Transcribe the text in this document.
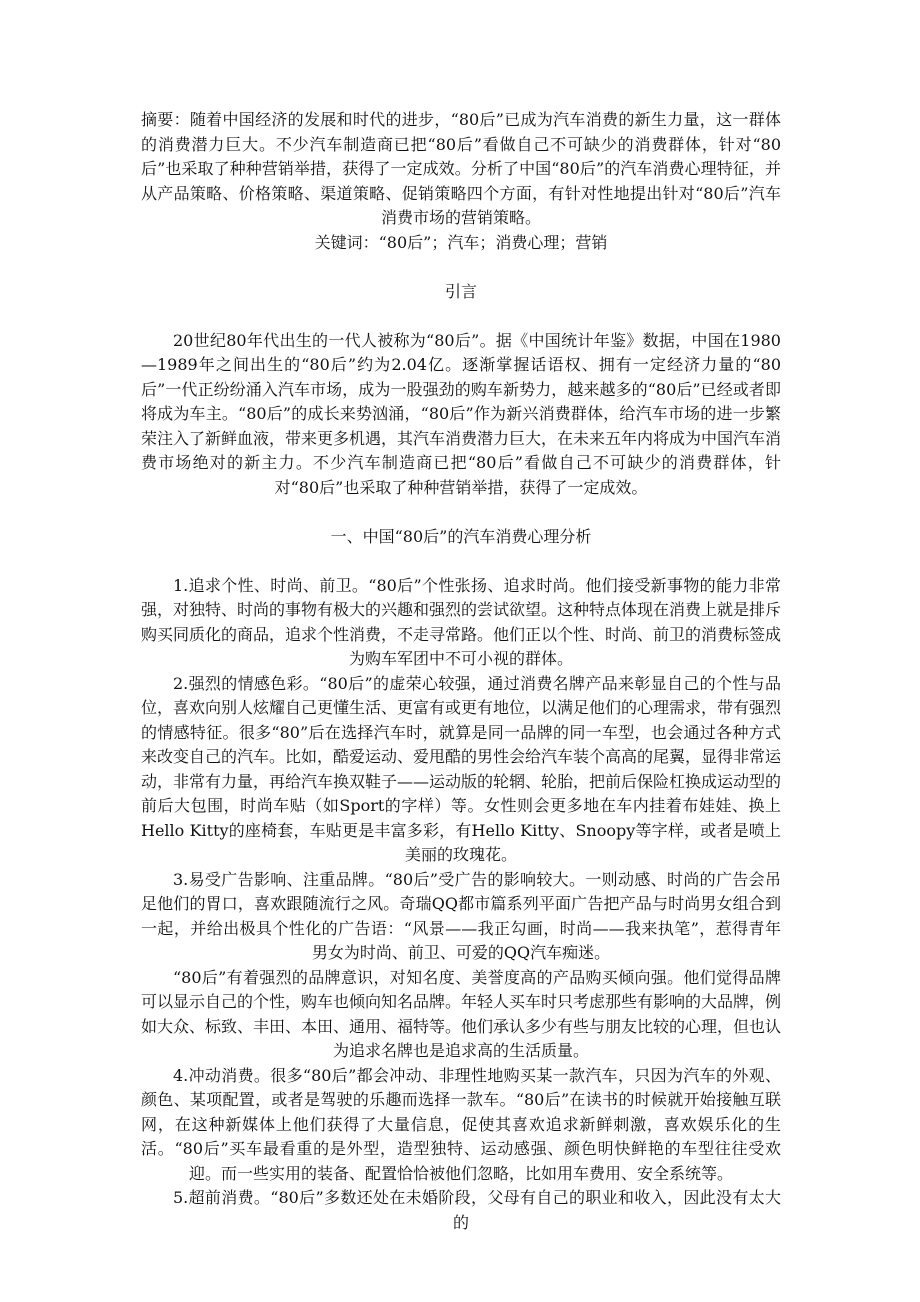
摘要：随着中国经济的发展和时代的进步，“80后”已成为汽车消费的新生力量，这一群体的消费潜力巨大。不少汽车制造商已把“80后”看做自己不可缺少的消费群体，针对“80后”也采取了种种营销举措，获得了一定成效。分析了中国“80后”的汽车消费心理特征，并从产品策略、价格策略、渠道策略、促销策略四个方面，有针对性地提出针对“80后”汽车消费市场的营销策略。

关键词：“80后”；汽车；消费心理；营销

引言

20世纪80年代出生的一代人被称为“80后”。据《中国统计年鉴》数据，中国在1980—1989年之间出生的“80后”约为2.04亿。逐渐掌握话语权、拥有一定经济力量的“80后”一代正纷纷涌入汽车市场，成为一股强劲的购车新势力，越来越多的“80后”已经或者即将成为车主。“80后”的成长来势汹涌，“80后”作为新兴消费群体，给汽车市场的进一步繁荣注入了新鲜血液，带来更多机遇，其汽车消费潜力巨大，在未来五年内将成为中国汽车消费市场绝对的新主力。不少汽车制造商已把“80后”看做自己不可缺少的消费群体，针对“80后”也采取了种种营销举措，获得了一定成效。

一、中国“80后”的汽车消费心理分析

1.追求个性、时尚、前卫。“80后”个性张扬、追求时尚。他们接受新事物的能力非常强，对独特、时尚的事物有极大的兴趣和强烈的尝试欲望。这种特点体现在消费上就是排斥购买同质化的商品，追求个性消费，不走寻常路。他们正以个性、时尚、前卫的消费标签成为购车军团中不可小视的群体。

2.强烈的情感色彩。“80后”的虚荣心较强，通过消费名牌产品来彰显自己的个性与品位，喜欢向别人炫耀自己更懂生活、更富有或更有地位，以满足他们的心理需求，带有强烈的情感特征。很多“80”后在选择汽车时，就算是同一品牌的同一车型，也会通过各种方式来改变自己的汽车。比如，酷爱运动、爱甩酷的男性会给汽车装个高高的尾翼，显得非常运动，非常有力量，再给汽车换双鞋子——运动版的轮辋、轮胎，把前后保险杠换成运动型的前后大包围，时尚车贴（如Sport的字样）等。女性则会更多地在车内挂着布娃娃、换上Hello Kitty的座椅套，车贴更是丰富多彩，有Hello Kitty、Snoopy等字样，或者是喷上美丽的玫瑰花。

3.易受广告影响、注重品牌。“80后”受广告的影响较大。一则动感、时尚的广告会吊足他们的胃口，喜欢跟随流行之风。奇瑞QQ都市篇系列平面广告把产品与时尚男女组合到一起，并给出极具个性化的广告语：“风景——我正勾画，时尚——我来执笔”，惹得青年男女为时尚、前卫、可爱的QQ汽车痴迷。

“80后”有着强烈的品牌意识，对知名度、美誉度高的产品购买倾向强。他们觉得品牌可以显示自己的个性，购车也倾向知名品牌。年轻人买车时只考虑那些有影响的大品牌，例如大众、标致、丰田、本田、通用、福特等。他们承认多少有些与朋友比较的心理，但也认为追求名牌也是追求高的生活质量。

4.冲动消费。很多“80后”都会冲动、非理性地购买某一款汽车，只因为汽车的外观、颜色、某项配置，或者是驾驶的乐趣而选择一款车。“80后”在读书的时候就开始接触互联网，在这种新媒体上他们获得了大量信息，促使其喜欢追求新鲜刺激，喜欢娱乐化的生活。“80后”买车最看重的是外型，造型独特、运动感强、颜色明快鲜艳的车型往往受欢迎。而一些实用的装备、配置恰恰被他们忽略，比如用车费用、安全系统等。

5.超前消费。“80后”多数还处在未婚阶段，父母有自己的职业和收入，因此没有太大的
